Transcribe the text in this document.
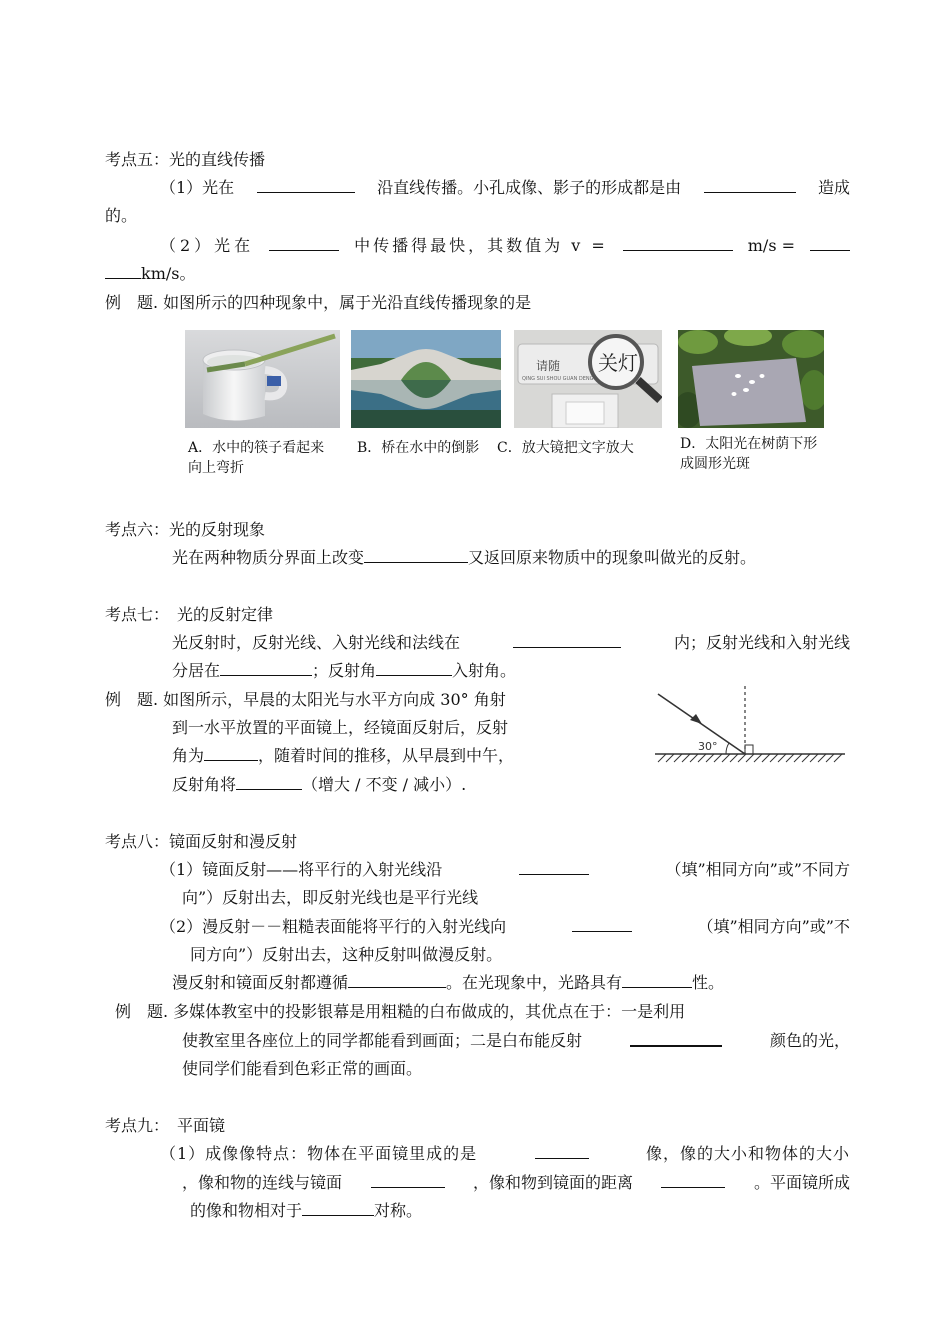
考点五：光的直线传播
（1）光在	沿直线传播。小孔成像、影子的形成都是由	造成
的。
（2）光在	中传播得最快，其数值为 v =	m/s =
km/s。
例　题. 如图所示的四种现象中，属于光沿直线传播现象的是
请随
QING SUI SHOU GUAN DENG
关灯
A．水中的筷子看起来向上弯折
B．桥在水中的倒影	C．放大镜把文字放大	D．太阳光在树荫下形成圆形光斑
考点六：光的反射现象
光在两种物质分界面上改变	又返回原来物质中的现象叫做光的反射。
考点七：　光的反射定律
光反射时，反射光线、入射光线和法线在	内；反射光线和入射光线
分居在	；反射角	入射角。
例　题. 如图所示，早晨的太阳光与水平方向成 30° 角射
到一水平放置的平面镜上，经镜面反射后，反射
角为	，随着时间的推移，从早晨到中午，
反射角将	（增大 / 不变 / 减小）.
30°
考点八：镜面反射和漫反射
（1）镜面反射——将平行的入射光线沿	（填”相同方向”或”不同方
向”）反射出去，即反射光线也是平行光线
（2）漫反射－－粗糙表面能将平行的入射光线向	（填”相同方向”或”不
同方向”）反射出去，这种反射叫做漫反射。
漫反射和镜面反射都遵循	。在光现象中，光路具有	性。
例　题. 多媒体教室中的投影银幕是用粗糙的白布做成的，其优点在于：一是利用
使教室里各座位上的同学都能看到画面；二是白布能反射	颜色的光，
使同学们能看到色彩正常的画面。
考点九：　平面镜
（1）成像像特点：物体在平面镜里成的是	像，像的大小和物体的大小
，像和物的连线与镜面	，像和物到镜面的距离	。平面镜所成
的像和物相对于	对称。
